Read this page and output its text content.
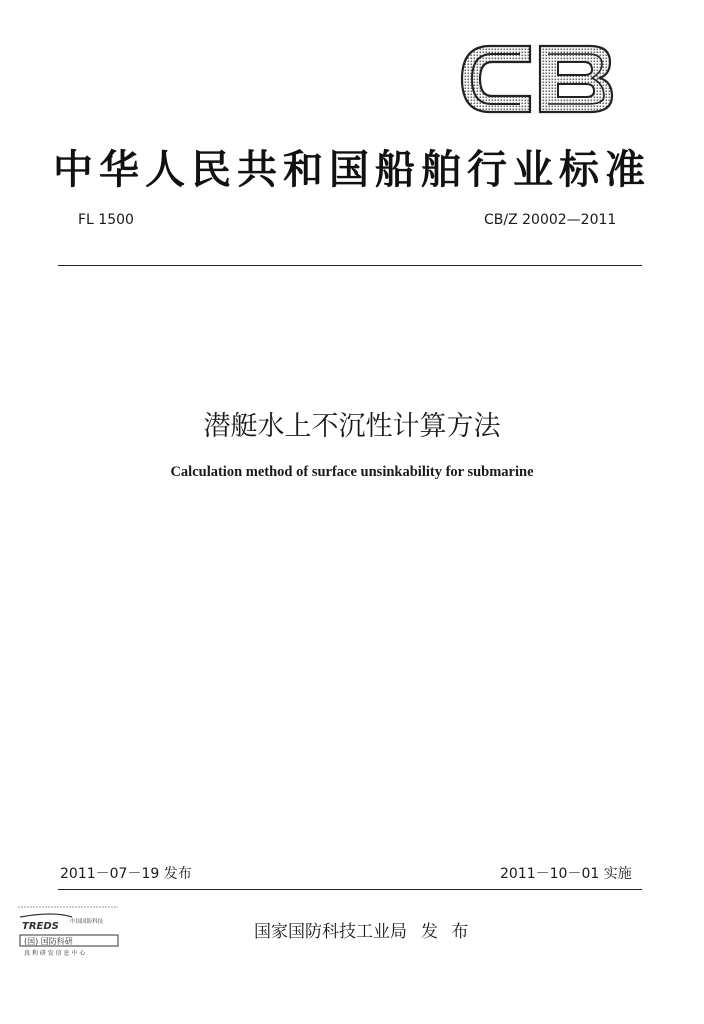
中华人民共和国船舶行业标准
FL 1500	CB/Z 20002—2011
潜艇水上不沉性计算方法
Calculation method of surface unsinkability for submarine
2011－07－19 发布	2011－10－01 实施
国家国防科技工业局 发 布
TREDS 中国国防科技
(国) 国防科研
真 利 研 发 信 息 中 心
